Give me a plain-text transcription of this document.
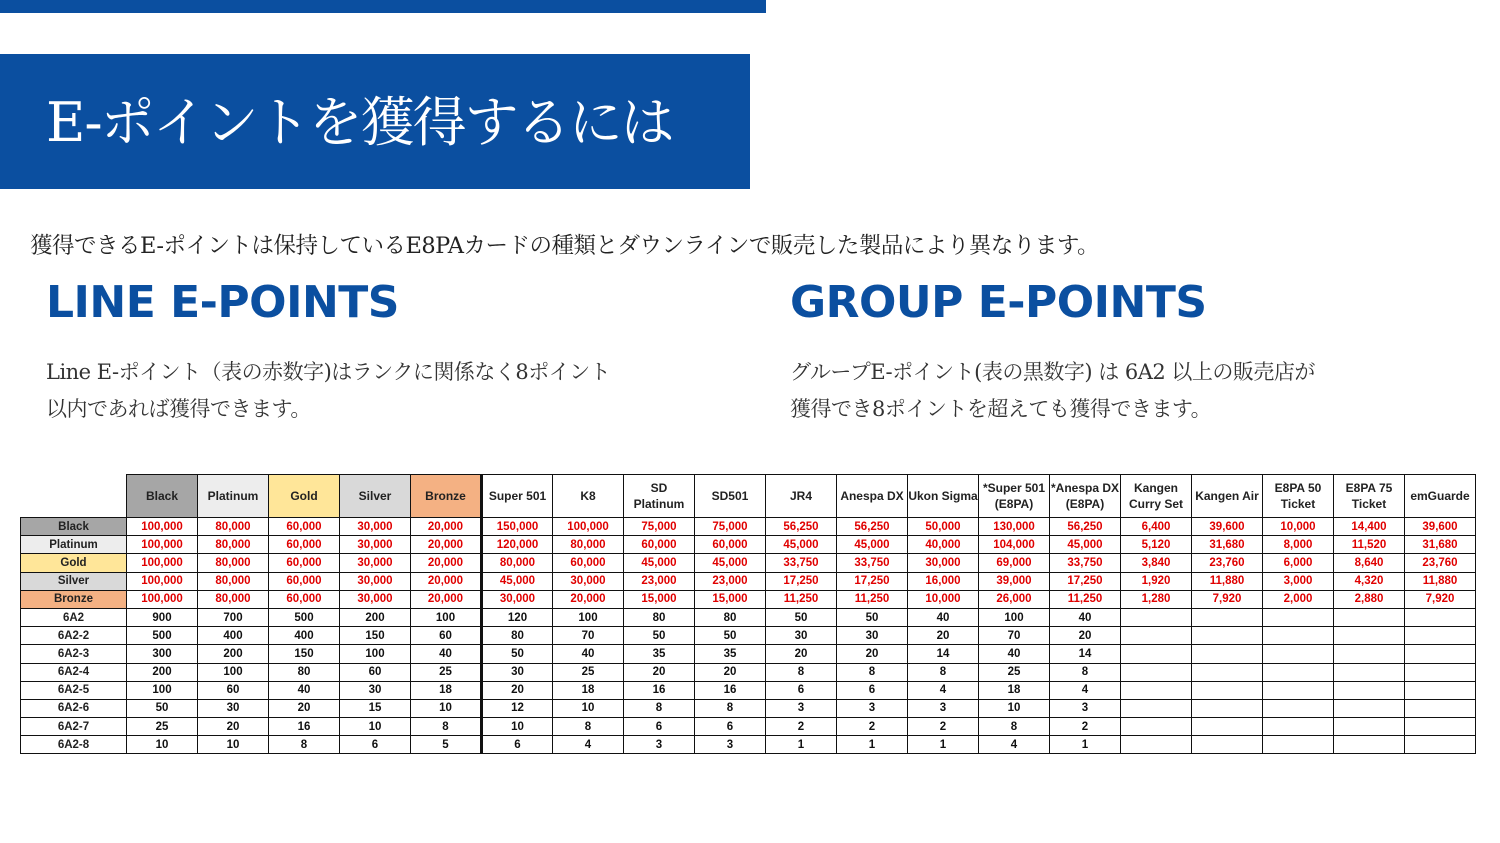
E-ポイントを獲得するには
獲得できるE-ポイントは保持しているE8PAカードの種類とダウンラインで販売した製品により異なります。
LINE E-POINTS	GROUP E-POINTS
Line E-ポイント（表の赤数字)はランクに関係なく8ポイント
以内であれば獲得できます。
グループE-ポイント(表の黒数字) は 6A2 以上の販売店が
獲得でき8ポイントを超えても獲得できます。
	Black	Platinum	Gold	Silver	Bronze	Super 501	K8	SD Platinum	SD501	JR4	Anespa DX	Ukon Sigma	*Super 501 (E8PA)	*Anespa DX (E8PA)	Kangen Curry Set	Kangen Air	E8PA 50 Ticket	E8PA 75 Ticket	emGuarde
Black	100,000	80,000	60,000	30,000	20,000	150,000	100,000	75,000	75,000	56,250	56,250	50,000	130,000	56,250	6,400	39,600	10,000	14,400	39,600
Platinum	100,000	80,000	60,000	30,000	20,000	120,000	80,000	60,000	60,000	45,000	45,000	40,000	104,000	45,000	5,120	31,680	8,000	11,520	31,680
Gold	100,000	80,000	60,000	30,000	20,000	80,000	60,000	45,000	45,000	33,750	33,750	30,000	69,000	33,750	3,840	23,760	6,000	8,640	23,760
Silver	100,000	80,000	60,000	30,000	20,000	45,000	30,000	23,000	23,000	17,250	17,250	16,000	39,000	17,250	1,920	11,880	3,000	4,320	11,880
Bronze	100,000	80,000	60,000	30,000	20,000	30,000	20,000	15,000	15,000	11,250	11,250	10,000	26,000	11,250	1,280	7,920	2,000	2,880	7,920
6A2	900	700	500	200	100	120	100	80	80	50	50	40	100	40					
6A2-2	500	400	400	150	60	80	70	50	50	30	30	20	70	20					
6A2-3	300	200	150	100	40	50	40	35	35	20	20	14	40	14					
6A2-4	200	100	80	60	25	30	25	20	20	8	8	8	25	8					
6A2-5	100	60	40	30	18	20	18	16	16	6	6	4	18	4					
6A2-6	50	30	20	15	10	12	10	8	8	3	3	3	10	3					
6A2-7	25	20	16	10	8	10	8	6	6	2	2	2	8	2					
6A2-8	10	10	8	6	5	6	4	3	3	1	1	1	4	1					
